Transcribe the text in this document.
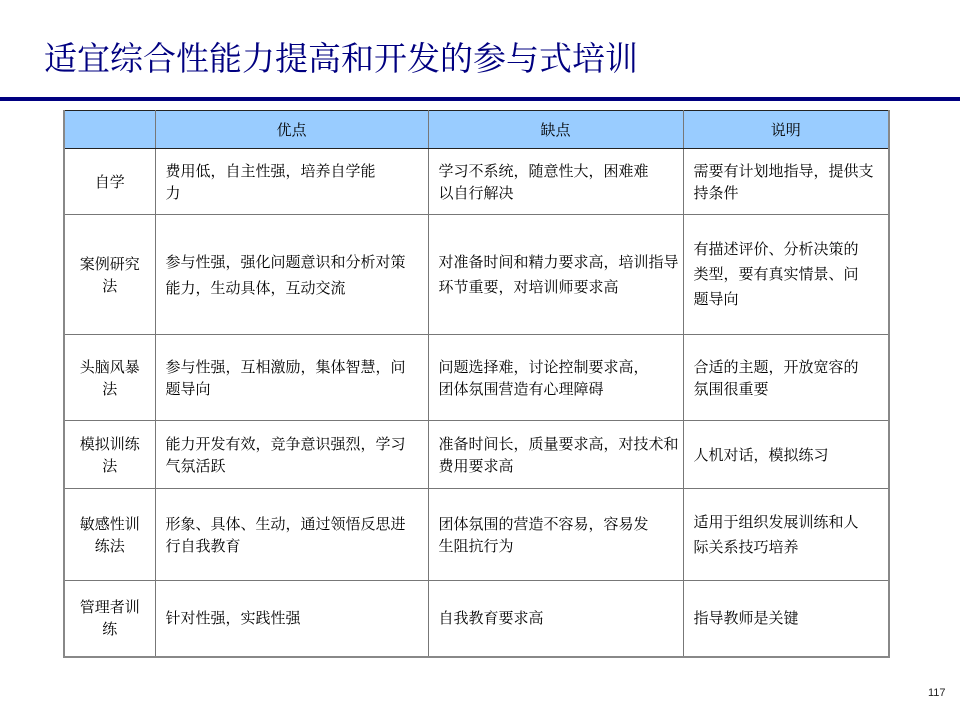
适宜综合性能力提高和开发的参与式培训
	优点	缺点	说明
自学	费用低，自主性强，培养自学能力	学习不系统，随意性大，困难难以自行解决	需要有计划地指导，提供支持条件
案例研究法	参与性强，强化问题意识和分析对策能力，生动具体，互动交流	对准备时间和精力要求高，培训指导环节重要，对培训师要求高	有描述评价、分析决策的类型，要有真实情景、问题导向
头脑风暴法	参与性强，互相激励，集体智慧，问题导向	问题选择难，讨论控制要求高，团体氛围营造有心理障碍	合适的主题，开放宽容的氛围很重要
模拟训练法	能力开发有效，竞争意识强烈，学习气氛活跃	准备时间长，质量要求高，对技术和费用要求高	人机对话，模拟练习
敏感性训练法	形象、具体、生动，通过领悟反思进行自我教育	团体氛围的营造不容易，容易发生阻抗行为	适用于组织发展训练和人际关系技巧培养
管理者训练	针对性强，实践性强	自我教育要求高	指导教师是关键
117
